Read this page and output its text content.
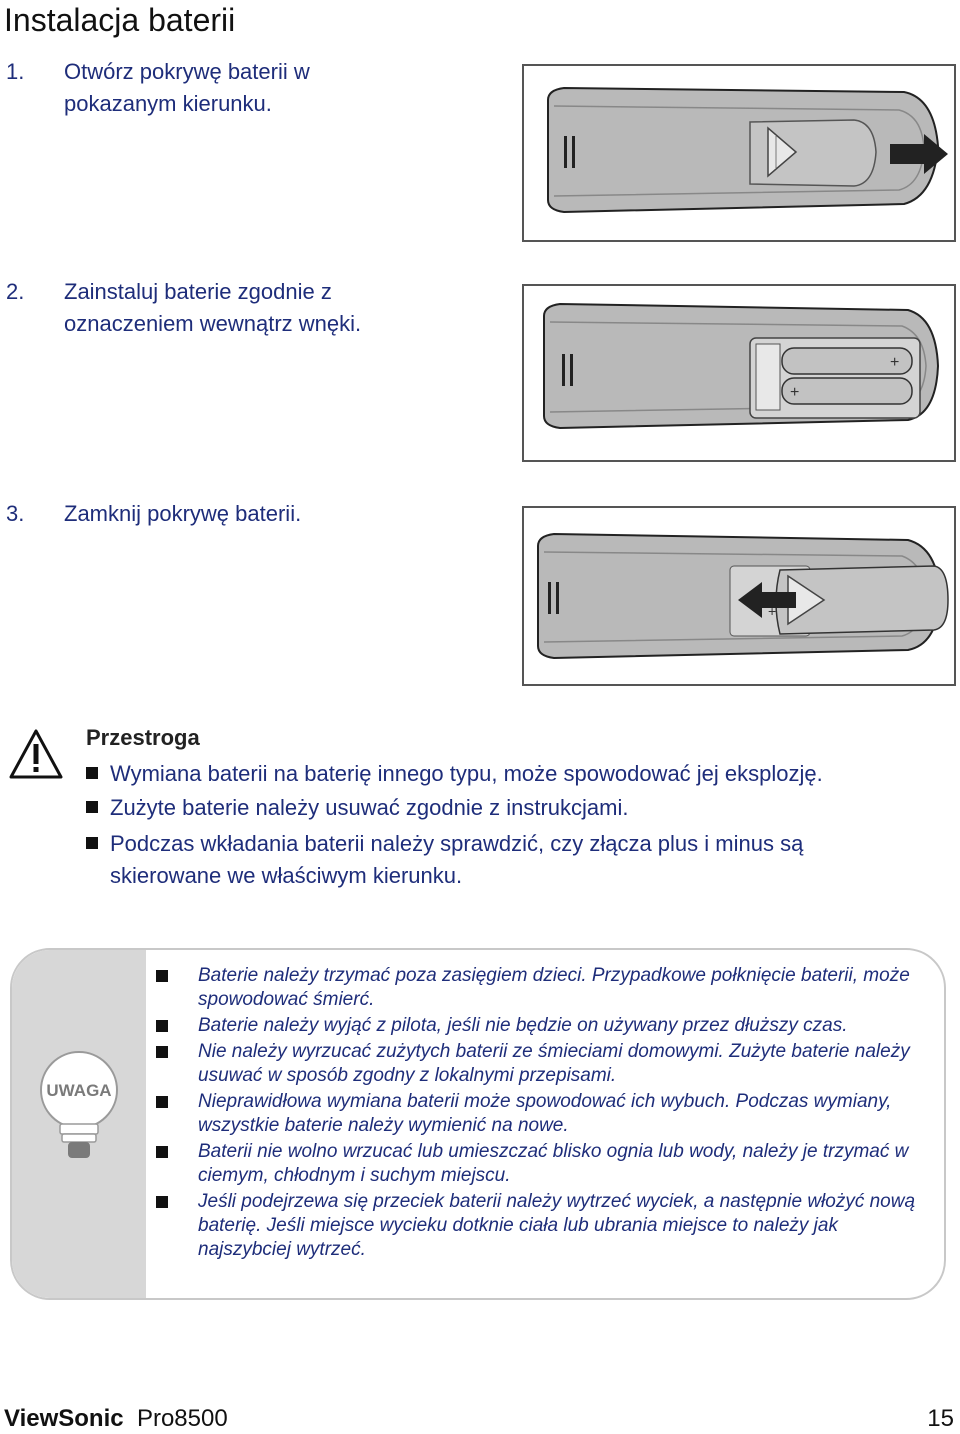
Instalacja baterii
1. Otwórz pokrywę baterii w pokazanym kierunku.
2. Zainstaluj baterie zgodnie z oznaczeniem wewnątrz wnęki.
3. Zamknij pokrywę baterii.
+
+
+
Przestroga
Wymiana baterii na baterię innego typu, może spowodować jej eksplozję.
Zużyte baterie należy usuwać zgodnie z instrukcjami.
Podczas wkładania baterii należy sprawdzić, czy złącza plus i minus są skierowane we właściwym kierunku.
UWAGA
Baterie należy trzymać poza zasięgiem dzieci. Przypadkowe połknięcie baterii, może spowodować śmierć.
Baterie należy wyjąć z pilota, jeśli nie będzie on używany przez dłuższy czas.
Nie należy wyrzucać zużytych baterii ze śmieciami domowymi. Zużyte baterie należy usuwać w sposób zgodny z lokalnymi przepisami.
Nieprawidłowa wymiana baterii może spowodować ich wybuch. Podczas wymiany, wszystkie baterie należy wymienić na nowe.
Baterii nie wolno wrzucać lub umieszczać blisko ognia lub wody, należy je trzymać w ciemym, chłodnym i suchym miejscu.
Jeśli podejrzewa się przeciek baterii należy wytrzeć wyciek, a następnie włożyć nową baterię. Jeśli miejsce wycieku dotknie ciała lub ubrania miejsce to należy jak najszybciej wytrzeć.
ViewSonic Pro8500	15
